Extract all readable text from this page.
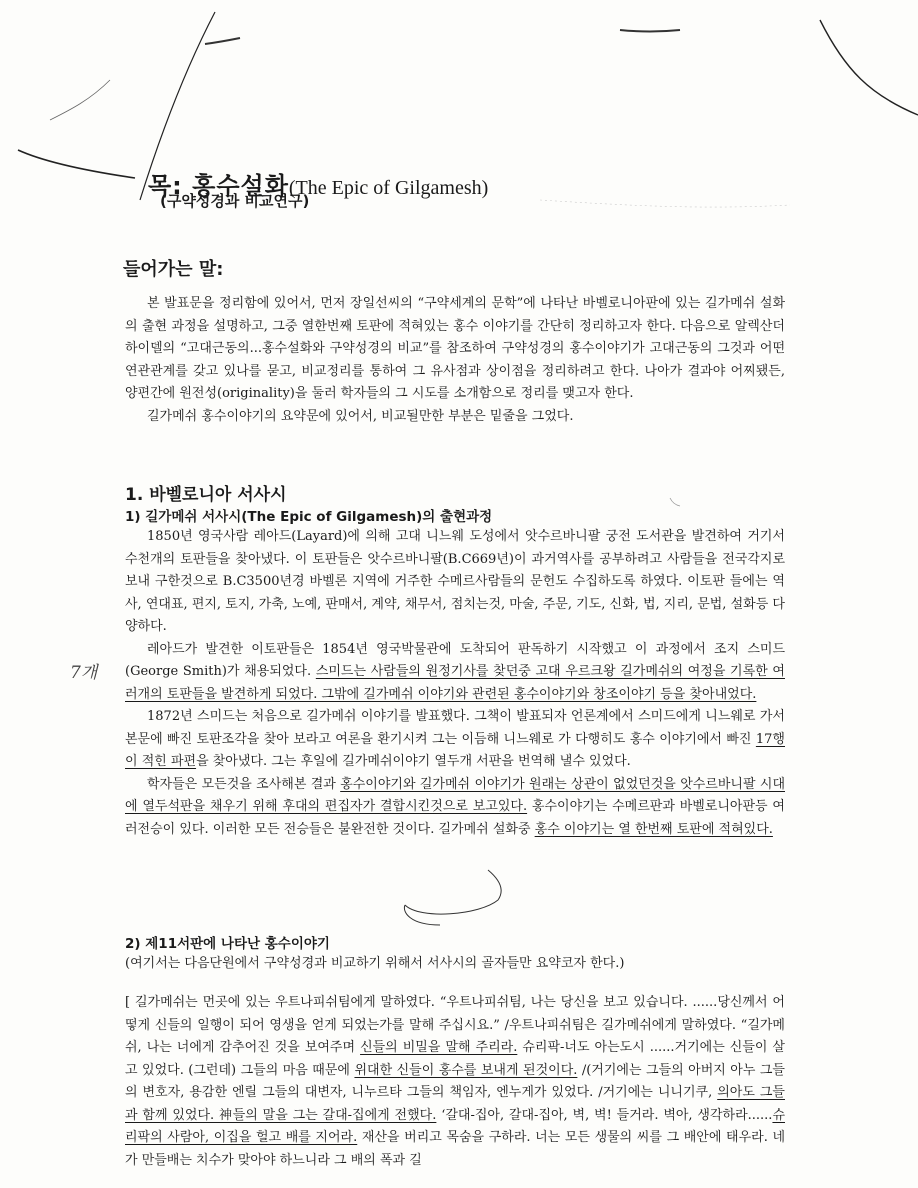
목: 홍수설화(The Epic of Gilgamesh)
(구약성경과 비교연구)
들어가는 말:

본 발표문을 정리함에 있어서, 먼저 장일선씨의 “구약세계의 문학”에 나타난 바벨로니아판에 있는 길가메쉬 설화의 출현 과정을 설명하고, 그중 열한번째 토판에 적혀있는 홍수 이야기를 간단히 정리하고자 한다. 다음으로 알렉산더 하이델의 “고대근동의...홍수설화와 구약성경의 비교”를 참조하여 구약성경의 홍수이야기가 고대근동의 그것과 어떤 연관관계를 갖고 있나를 묻고, 비교정리를 통하여 그 유사점과 상이점을 정리하려고 한다. 나아가 결과야 어찌됐든, 양편간에 원전성(originality)을 둘러 학자들의 그 시도를 소개함으로 정리를 맺고자 한다.

길가메쉬 홍수이야기의 요약문에 있어서, 비교될만한 부분은 밑줄을 그었다.

1. 바벨로니아 서사시
1) 길가메쉬 서사시(The Epic of Gilgamesh)의 출현과정

1850년 영국사람 레아드(Layard)에 의해 고대 니느웨 도성에서 앗수르바니팔 궁전 도서관을 발견하여 거기서 수천개의 토판들을 찾아냈다. 이 토판들은 앗수르바니팔(B.C669년)이 과거역사를 공부하려고 사람들을 전국각지로 보내 구한것으로 B.C3500년경 바벨론 지역에 거주한 수메르사람들의 문헌도 수집하도록 하였다. 이토판 들에는 역사, 연대표, 편지, 토지, 가축, 노예, 판매서, 계약, 채무서, 점치는것, 마술, 주문, 기도, 신화, 법, 지리, 문법, 설화등 다양하다.

레아드가 발견한 이토판들은 1854년 영국박물관에 도착되어 판독하기 시작했고 이 과정에서 조지 스미드(George Smith)가 채용되었다. 스미드는 사람들의 원정기사를 찾던중 고대 우르크왕 길가메쉬의 여정을 기록한 여러개의 토판들을 발견하게 되었다. 그밖에 길가메쉬 이야기와 관련된 홍수이야기와 창조이야기 등을 찾아내었다.

1872년 스미드는 처음으로 길가메쉬 이야기를 발표했다. 그책이 발표되자 언론계에서 스미드에게 니느웨로 가서 본문에 빠진 토판조각을 찾아 보라고 여론을 환기시켜 그는 이듬해 니느웨로 가 다행히도 홍수 이야기에서 빠진 17행이 적힌 파편을 찾아냈다. 그는 후일에 길가메쉬이야기 열두개 서판을 번역해 낼수 있었다.

학자들은 모든것을 조사해본 결과 홍수이야기와 길가메쉬 이야기가 원래는 상관이 없었던것을 앗수르바니팔 시대에 열두석판을 채우기 위해 후대의 편집자가 결합시킨것으로 보고있다. 홍수이야기는 수메르판과 바벨로니아판등 여러전승이 있다. 이러한 모든 전승들은 불완전한 것이다. 길가메쉬 설화중 홍수 이야기는 열 한번째 토판에 적혀있다.

7개
2) 제11서판에 나타난 홍수이야기
(여기서는 다음단원에서 구약성경과 비교하기 위해서 서사시의 골자들만 요약코자 한다.)

[ 길가메쉬는 먼곳에 있는 우트나피쉬팀에게 말하였다. “우트나피쉬팀, 나는 당신을 보고 있습니다. ......당신께서 어떻게 신들의 일행이 되어 영생을 얻게 되었는가를 말해 주십시요.” /우트나피쉬팀은 길가메쉬에게 말하였다. “길가메쉬, 나는 너에게 감추어진 것을 보여주며 신들의 비밀을 말해 주리라. 슈리팍-너도 아는도시 ......거기에는 신들이 살고 있었다. (그런데) 그들의 마음 때문에 위대한 신들이 홍수를 보내게 된것이다. /(거기에는 그들의 아버지 아누 그들의 변호자, 용감한 엔릴 그들의 대변자, 니누르타 그들의 책임자, 엔누게가 있었다. /거기에는 니니기쿠, 의아도 그들과 함께 있었다. 神들의 말을 그는 갈대-집에게 전했다. ‘갈대-집아, 갈대-집아, 벽, 벽! 들거라. 벽아, 생각하라......슈리팍의 사람아, 이집을 헐고 배를 지어라. 재산을 버리고 목숨을 구하라. 너는 모든 생물의 씨를 그 배안에 태우라. 네가 만들배는 치수가 맞아야 하느니라 그 배의 폭과 길
